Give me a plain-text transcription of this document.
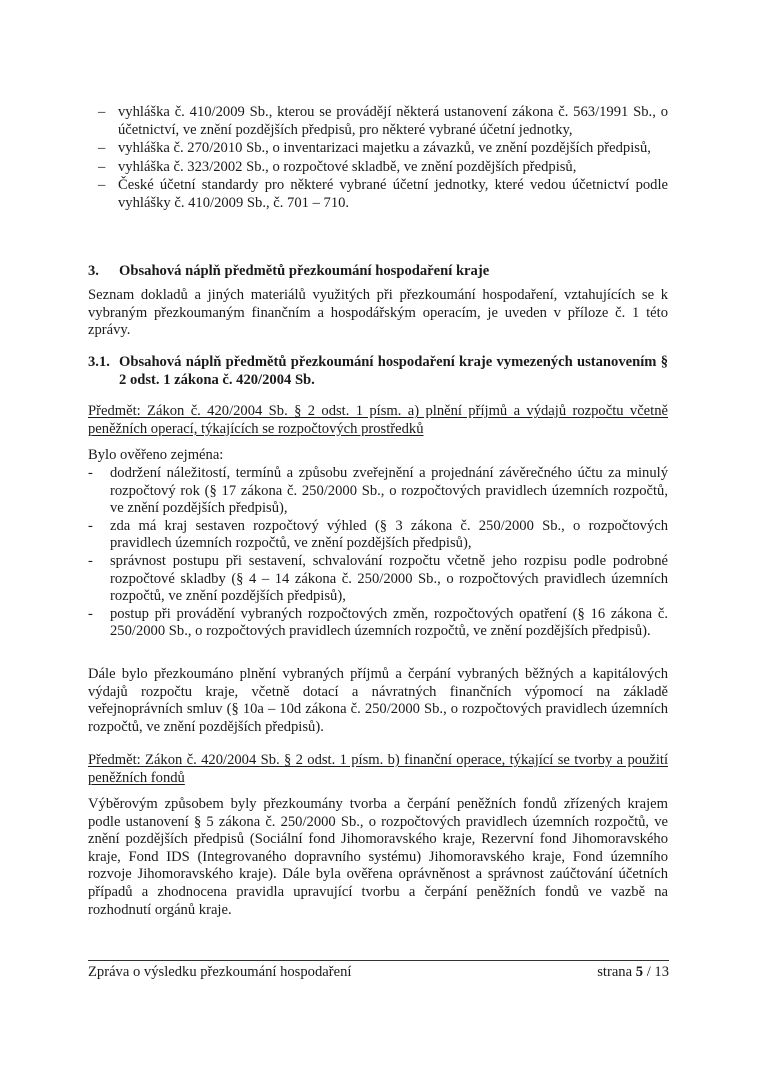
– vyhláška č. 410/2009 Sb., kterou se provádějí některá ustanovení zákona č. 563/1991 Sb., o účetnictví, ve znění pozdějších předpisů, pro některé vybrané účetní jednotky,

– vyhláška č. 270/2010 Sb., o inventarizaci majetku a závazků, ve znění pozdějších předpisů,

– vyhláška č. 323/2002 Sb., o rozpočtové skladbě, ve znění pozdějších předpisů,

– České účetní standardy pro některé vybrané účetní jednotky, které vedou účetnictví podle vyhlášky č. 410/2009 Sb., č. 701 – 710.

3. Obsahová náplň předmětů přezkoumání hospodaření kraje

Seznam dokladů a jiných materiálů využitých při přezkoumání hospodaření, vztahujících se k vybraným přezkoumaným finančním a hospodářským operacím, je uveden v příloze č. 1 této zprávy.

3.1. Obsahová náplň předmětů přezkoumání hospodaření kraje vymezených ustanovením § 2 odst. 1 zákona č. 420/2004 Sb.

Předmět: Zákon č. 420/2004 Sb. § 2 odst. 1 písm. a) plnění příjmů a výdajů rozpočtu včetně peněžních operací, týkajících se rozpočtových prostředků

Bylo ověřeno zejména:

- dodržení náležitostí, termínů a způsobu zveřejnění a projednání závěrečného účtu za minulý rozpočtový rok (§ 17 zákona č. 250/2000 Sb., o rozpočtových pravidlech územních rozpočtů, ve znění pozdějších předpisů),
- zda má kraj sestaven rozpočtový výhled (§ 3 zákona č. 250/2000 Sb., o rozpočtových pravidlech územních rozpočtů, ve znění pozdějších předpisů),
- správnost postupu při sestavení, schvalování rozpočtu včetně jeho rozpisu podle podrobné rozpočtové skladby (§ 4 – 14 zákona č. 250/2000 Sb., o rozpočtových pravidlech územních rozpočtů, ve znění pozdějších předpisů),
- postup při provádění vybraných rozpočtových změn, rozpočtových opatření (§ 16 zákona č. 250/2000 Sb., o rozpočtových pravidlech územních rozpočtů, ve znění pozdějších předpisů).

Dále bylo přezkoumáno plnění vybraných příjmů a čerpání vybraných běžných a kapitálových výdajů rozpočtu kraje, včetně dotací a návratných finančních výpomocí na základě veřejnoprávních smluv (§ 10a – 10d zákona č. 250/2000 Sb., o rozpočtových pravidlech územních rozpočtů, ve znění pozdějších předpisů).

Předmět: Zákon č. 420/2004 Sb. § 2 odst. 1 písm. b) finanční operace, týkající se tvorby a použití peněžních fondů

Výběrovým způsobem byly přezkoumány tvorba a čerpání peněžních fondů zřízených krajem podle ustanovení § 5 zákona č. 250/2000 Sb., o rozpočtových pravidlech územních rozpočtů, ve znění pozdějších předpisů (Sociální fond Jihomoravského kraje, Rezervní fond Jihomoravského kraje, Fond IDS (Integrovaného dopravního systému) Jihomoravského kraje, Fond územního rozvoje Jihomoravského kraje). Dále byla ověřena oprávněnost a správnost zaúčtování účetních případů a zhodnocena pravidla upravující tvorbu a čerpání peněžních fondů ve vazbě na rozhodnutí orgánů kraje.

Zpráva o výsledku přezkoumání hospodaření	strana 5 / 13
